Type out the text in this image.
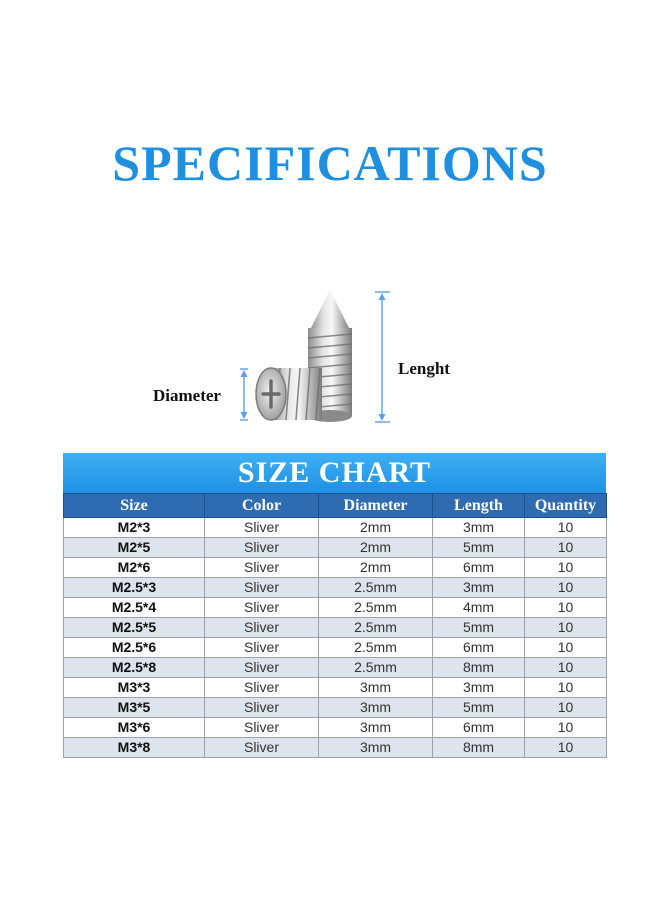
SPECIFICATIONS
Diameter
Lenght
SIZE CHART
Size	Color	Diameter	Length	Quantity
M2*3	Sliver	2mm	3mm	10
M2*5	Sliver	2mm	5mm	10
M2*6	Sliver	2mm	6mm	10
M2.5*3	Sliver	2.5mm	3mm	10
M2.5*4	Sliver	2.5mm	4mm	10
M2.5*5	Sliver	2.5mm	5mm	10
M2.5*6	Sliver	2.5mm	6mm	10
M2.5*8	Sliver	2.5mm	8mm	10
M3*3	Sliver	3mm	3mm	10
M3*5	Sliver	3mm	5mm	10
M3*6	Sliver	3mm	6mm	10
M3*8	Sliver	3mm	8mm	10
